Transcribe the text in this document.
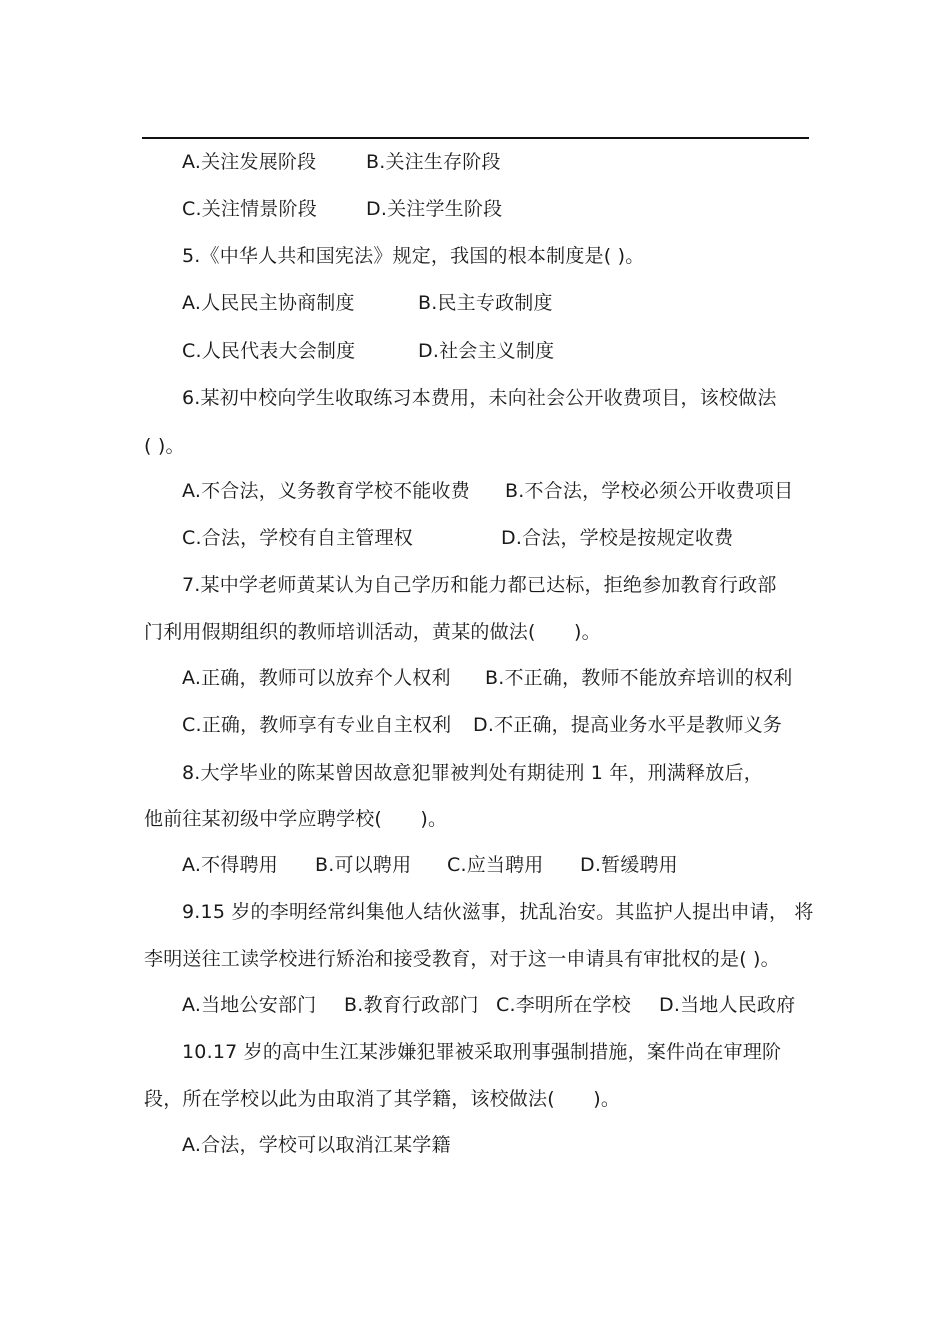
A.关注发展阶段	B.关注生存阶段
C.关注情景阶段	D.关注学生阶段
5.《中华人共和国宪法》规定，我国的根本制度是( )。
A.人民民主协商制度	B.民主专政制度
C.人民代表大会制度	D.社会主义制度
6.某初中校向学生收取练习本费用，未向社会公开收费项目，该校做法
( )。
A.不合法，义务教育学校不能收费 B.不合法，学校必须公开收费项目
C.合法，学校有自主管理权	D.合法，学校是按规定收费
7.某中学老师黄某认为自己学历和能力都已达标，拒绝参加教育行政部
门利用假期组织的教师培训活动，黄某的做法(　　)。
A.正确，教师可以放弃个人权利 B.不正确，教师不能放弃培训的权利
C.正确，教师享有专业自主权利 D.不正确，提高业务水平是教师义务
8.大学毕业的陈某曾因故意犯罪被判处有期徒刑 1 年，刑满释放后，
他前往某初级中学应聘学校(　　)。
A.不得聘用 B.可以聘用 C.应当聘用 D.暂缓聘用
9.15 岁的李明经常纠集他人结伙滋事，扰乱治安。其监护人提出申请， 将
李明送往工读学校进行矫治和接受教育，对于这一申请具有审批权的是( )。
A.当地公安部门 B.教育行政部门 C.李明所在学校 D.当地人民政府
10.17 岁的高中生江某涉嫌犯罪被采取刑事强制措施，案件尚在审理阶
段，所在学校以此为由取消了其学籍，该校做法(　　)。
A.合法，学校可以取消江某学籍
